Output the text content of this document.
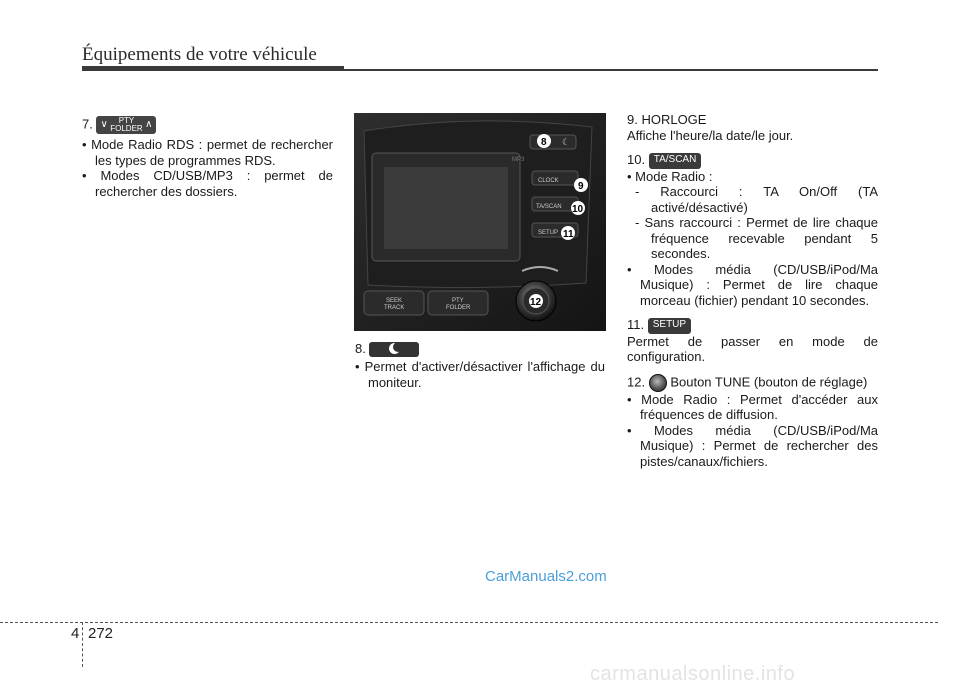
Équipements de votre véhicule

7. ∨	PTY
FOLDER ∧

• Mode Radio RDS : permet de rechercher les types de programmes RDS.

• Modes CD/USB/MP3 : permet de rechercher des dossiers.

MP3
CLOCK
TA/SCAN
SETUP
SEEK
TRACK
PTY
FOLDER
8 ☾
9
10
11
12

8.

• Permet d'activer/désactiver l'affichage du moniteur.

9. HORLOGE

Affiche l'heure/la date/le jour.

10. TA/SCAN

• Mode Radio :

- Raccourci : TA On/Off (TA activé/désactivé)

- Sans raccourci : Permet de lire chaque fréquence recevable pendant 5 secondes.

• Modes média (CD/USB/iPod/Ma Musique) : Permet de lire chaque morceau (fichier) pendant 10 secondes.

11. SETUP

Permet de passer en mode de configuration.

12. Bouton TUNE (bouton de réglage)

• Mode Radio : Permet d'accéder aux fréquences de diffusion.

• Modes média (CD/USB/iPod/Ma Musique) : Permet de rechercher des pistes/canaux/fichiers.

4 272
CarManuals2.com
carmanualsonline.info
